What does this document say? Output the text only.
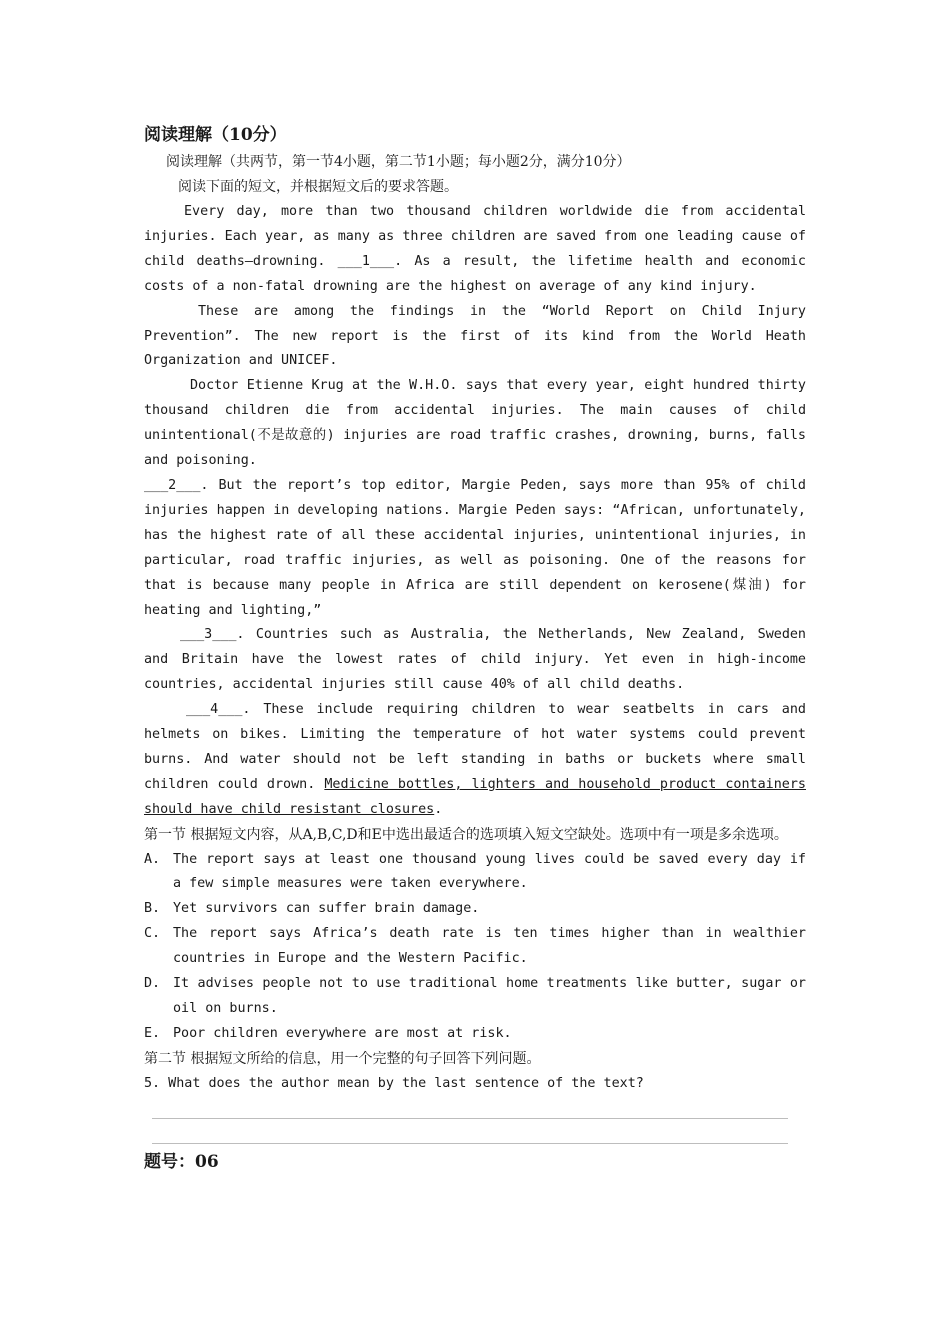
阅读理解（10分）
阅读理解（共两节，第一节4小题，第二节1小题；每小题2分，满分10分）
阅读下面的短文，并根据短文后的要求答题。

Every day, more than two thousand children worldwide die from accidental injuries. Each year, as many as three children are saved from one leading cause of child deaths—drowning. ___1___. As a result, the lifetime health and economic costs of a non-fatal drowning are the highest on average of any kind injury.

These are among the findings in the “World Report on Child Injury Prevention”. The new report is the first of its kind from the World Heath Organization and UNICEF.

Doctor Etienne Krug at the W.H.O. says that every year, eight hundred thirty thousand children die from accidental injuries. The main causes of child unintentional(不是故意的) injuries are road traffic crashes, drowning, burns, falls and poisoning.

___2___. But the report’s top editor, Margie Peden, says more than 95% of child injuries happen in developing nations. Margie Peden says: “African, unfortunately, has the highest rate of all these accidental injuries, unintentional injuries, in particular, road traffic injuries, as well as poisoning. One of the reasons for that is because many people in Africa are still dependent on kerosene(煤油) for heating and lighting,”

___3___. Countries such as Australia, the Netherlands, New Zealand, Sweden and Britain have the lowest rates of child injury. Yet even in high-income countries, accidental injuries still cause 40% of all child deaths.

___4___. These include requiring children to wear seatbelts in cars and helmets on bikes. Limiting the temperature of hot water systems could prevent burns. And water should not be left standing in baths or buckets where small children could drown. Medicine bottles, lighters and household product containers should have child resistant closures.

第一节 根据短文内容，从A,B,C,D和E中选出最适合的选项填入短文空缺处。选项中有一项是多余选项。

A. The report says at least one thousand young lives could be saved every day if a few simple measures were taken everywhere.

B. Yet survivors can suffer brain damage.

C. The report says Africa’s death rate is ten times higher than in wealthier countries in Europe and the Western Pacific.

D. It advises people not to use traditional home treatments like butter, sugar or oil on burns.

E. Poor children everywhere are most at risk.

第二节 根据短文所给的信息，用一个完整的句子回答下列问题。

5. What does the author mean by the last sentence of the text?

题号：06
